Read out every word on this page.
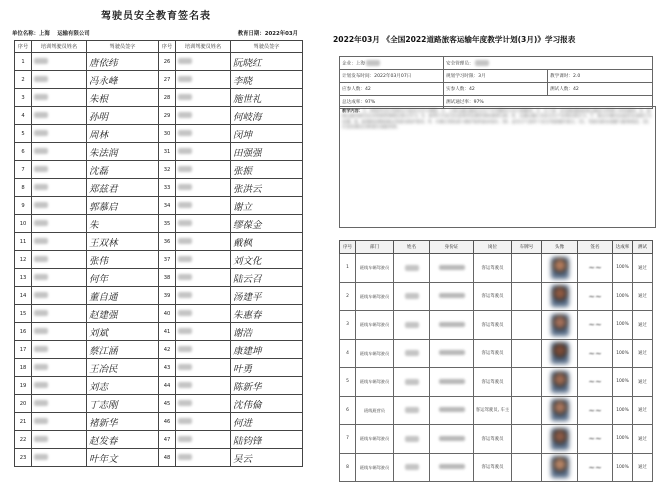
驾驶员安全教育签名表
单位名称：上海 运输有限公司	教育日期：2022年03月
序号	培训驾驶员姓名	驾驶员签字	序号	培训驾驶员姓名	驾驶员签字
1		唐依纬	26		阮晓红
2		冯永峰	27		李晓
3		朱根	28		施世礼
4		孙明	29		何岐海
5		周林	30		闵坤
6		朱法润	31		田强强
7		沈磊	32		张振
8		郑兹君	33		张洪云
9		郭慕启	34		谢立
10		朱	35		缪葆金
11		王双林	36		戴枫
12		张伟	37		刘文化
13		何年	38		陆云召
14		董自通	39		汤建平
15		赵建强	40		朱惠春
16		刘斌	41		谢浩
17		蔡江涵	42		康建坤
18		王冶民	43		叶勇
19		刘志	44		陈新华
20		丁志刚	45		沈伟倫
21		褚新华	46		何进
22		赵发春	47		陆钧锋
23		叶年文	48		吴云
2022年03月 《全国2022道路旅客运输年度教学计划(3月)》学习报表
企业：上海	安全管理员：	
计划发布时间：2022年03月07日	规划学习时限：3月	教学课时：2.0
应参人数：42	实参人数：42	测试人数：42
总达成率：97%	测试通过率：97%	
教学内容：1、2022年3月驾驶员月度安全学习课程；2、上海交通运输安全生产专项整治行动方案解读；3、关于进一步加强道路旅客运输安全管理工作的通知；4、道路运输驾驶员从业资格管理规定要点学习；5、春季行车安全注意事项及典型事故案例分析；6、交通运输行业安全生产法律法规学习；7、客运车辆动态监控及违规行为处置；8、疫情防控期间客运驾驶员防护要求；9、车辆日常检查与维护保养基本知识；10、恶劣天气条件下安全驾驶操作要点；11、驾驶员职业道德与服务规范；12、应急处置及自救逃生技能培训。
序号	部门	姓名	身份证	岗位	车牌号	头像	签名	达成率	测试
1	班线车辆驾驶员			客运驾驶员			~~	100%	通过
2	班线车辆驾驶员			客运驾驶员			~~	100%	通过
3	班线车辆驾驶员			客运驾驶员			~~	100%	通过
4	班线车辆驾驶员			客运驾驶员			~~	100%	通过
5	班线车辆驾驶员			客运驾驶员			~~	100%	通过
6	班线班营员			客运驾驶员, 车主			~~	100%	通过
7	班线车辆驾驶员			客运驾驶员			~~	100%	通过
8	班线车辆驾驶员			客运驾驶员			~~	100%	通过
